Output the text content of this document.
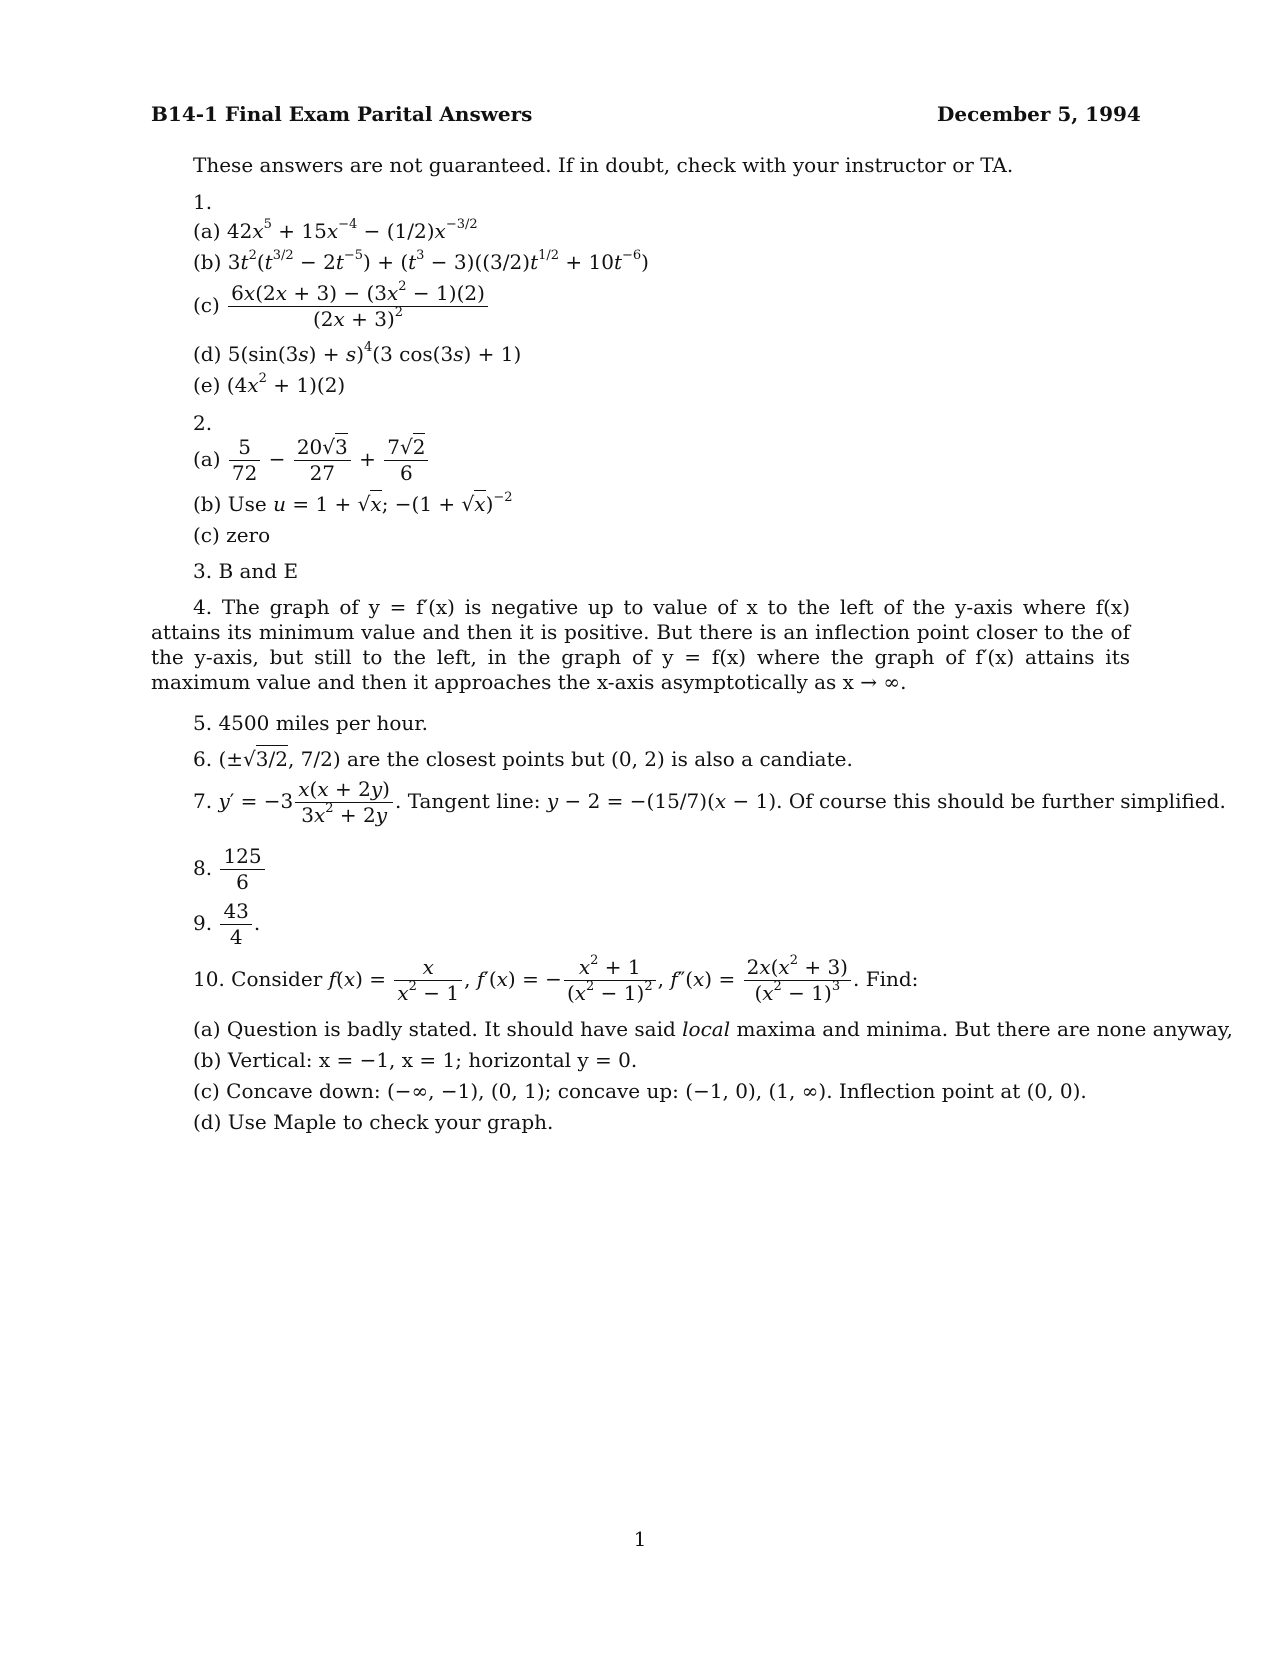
B14-1 Final Exam Parital Answers	December 5, 1994
These answers are not guaranteed. If in doubt, check with your instructor or TA.
1.
(a) $42x^5 + 15x^{-4} - (1/2)x^{-3/2}$
(b) $3t^2(t^{3/2} - 2t^{-5}) + (t^3 - 3)((3/2)t^{1/2} + 10t^{-6})$
$(c) \frac{6x(2x + 3) - (3x^2 - 1)(2)}{(2x + 3)^2}$
(d) $5(\sin(3s) + s)^4(3$ cos(3s) + 1)
(e) $(4x^2 + 1)(2)$
2.
$(a) \frac{5}{72} - \frac{20√3}{27} + \frac{7√2}{6}$
(b) Use u = 1 + √x; $-(1 + √x)^{-2}$
(c) zero
3. B and E
4. The graph of y = f′(x) is negative up to value of x to the left of the y-axis where f(x) attains its minimum value and then it is positive. But there is an inflection point closer to the of the y-axis, but still to the left, in the graph of y = f(x) where the graph of f′(x) attains its maximum value and then it approaches the x-axis asymptotically as x → ∞.
5. 4500 miles per hour.
6. (±√3/2, 7/2) are the closest points but (0, 2) is also a candiate.
7. $y' = -3 \frac{x(x + 2y)}{3x^2 + 2y}$ . Tangent line: y − 2 = −(15/7)(x − 1). Of course this should be further simplified.
8. $\frac{125}{6}$
9. $\frac{43}{4}$ .
10. Consider $f(x) = \frac{x}{x^2 - 1}$ , f′(x) = − $\frac{x^2 + 1}{(x^2 - 1)^2}$ , $f''(x) = \frac{2x(x^2 + 3)}{(x^2 - 1)^3}$ . Find:
(a) Question is badly stated. It should have said local maxima and minima. But there are none anyway,
(b) Vertical: x = −1, x = 1; horizontal y = 0.
(c) Concave down: (−∞, −1), (0, 1); concave up: (−1, 0), (1, ∞). Inflection point at (0, 0).
(d) Use Maple to check your graph.
1
